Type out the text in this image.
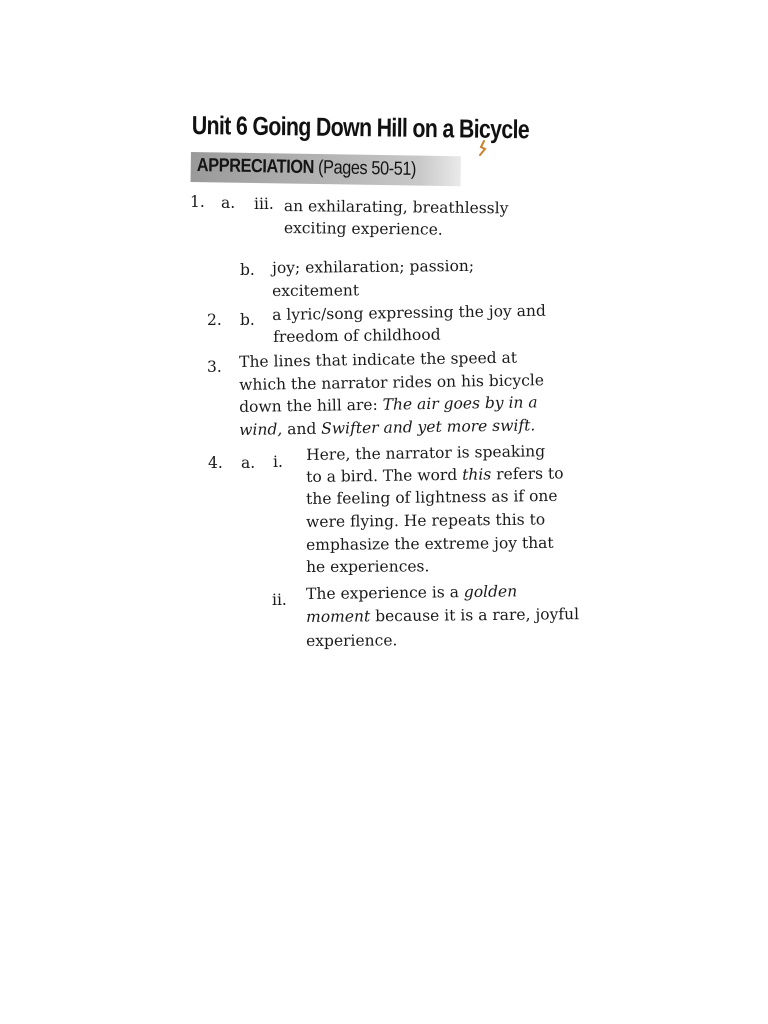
Unit 6 Going Down Hill on a Bicycle
APPRECIATION (Pages 50-51)
1. a. iii. an exhilarating, breathlessly
exciting experience.
b. joy; exhilaration; passion;
excitement
2. b. a lyric/song expressing the joy and
freedom of childhood
3. The lines that indicate the speed at
which the narrator rides on his bicycle
down the hill are: The air goes by in a
wind, and Swifter and yet more swift.
4. a. i. Here, the narrator is speaking
to a bird. The word this refers to
the feeling of lightness as if one
were flying. He repeats this to
emphasize the extreme joy that
he experiences.
ii. The experience is a golden
moment because it is a rare, joyful
experience.
